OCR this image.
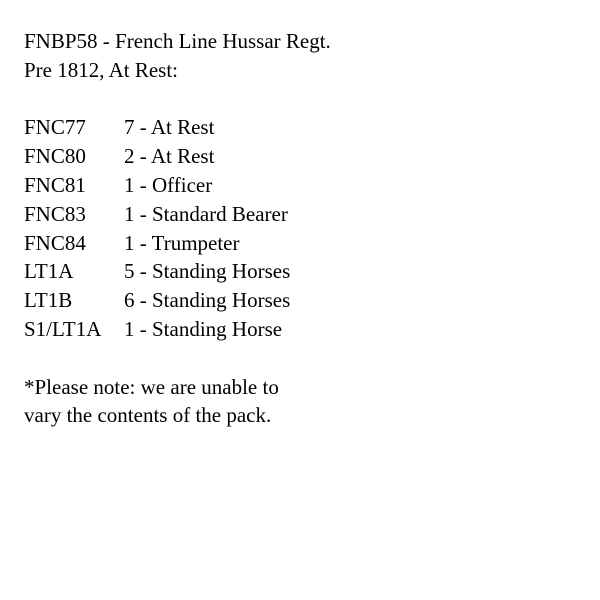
FNBP58 - French Line Hussar Regt.
Pre 1812, At Rest:
FNC77	7 - At Rest
FNC80	2 - At Rest
FNC81	1 - Officer
FNC83	1 - Standard Bearer
FNC84	1 - Trumpeter
LT1A	5 - Standing Horses
LT1B	6 - Standing Horses
S1/LT1A	1 - Standing Horse
*Please note: we are unable to
vary the contents of the pack.
